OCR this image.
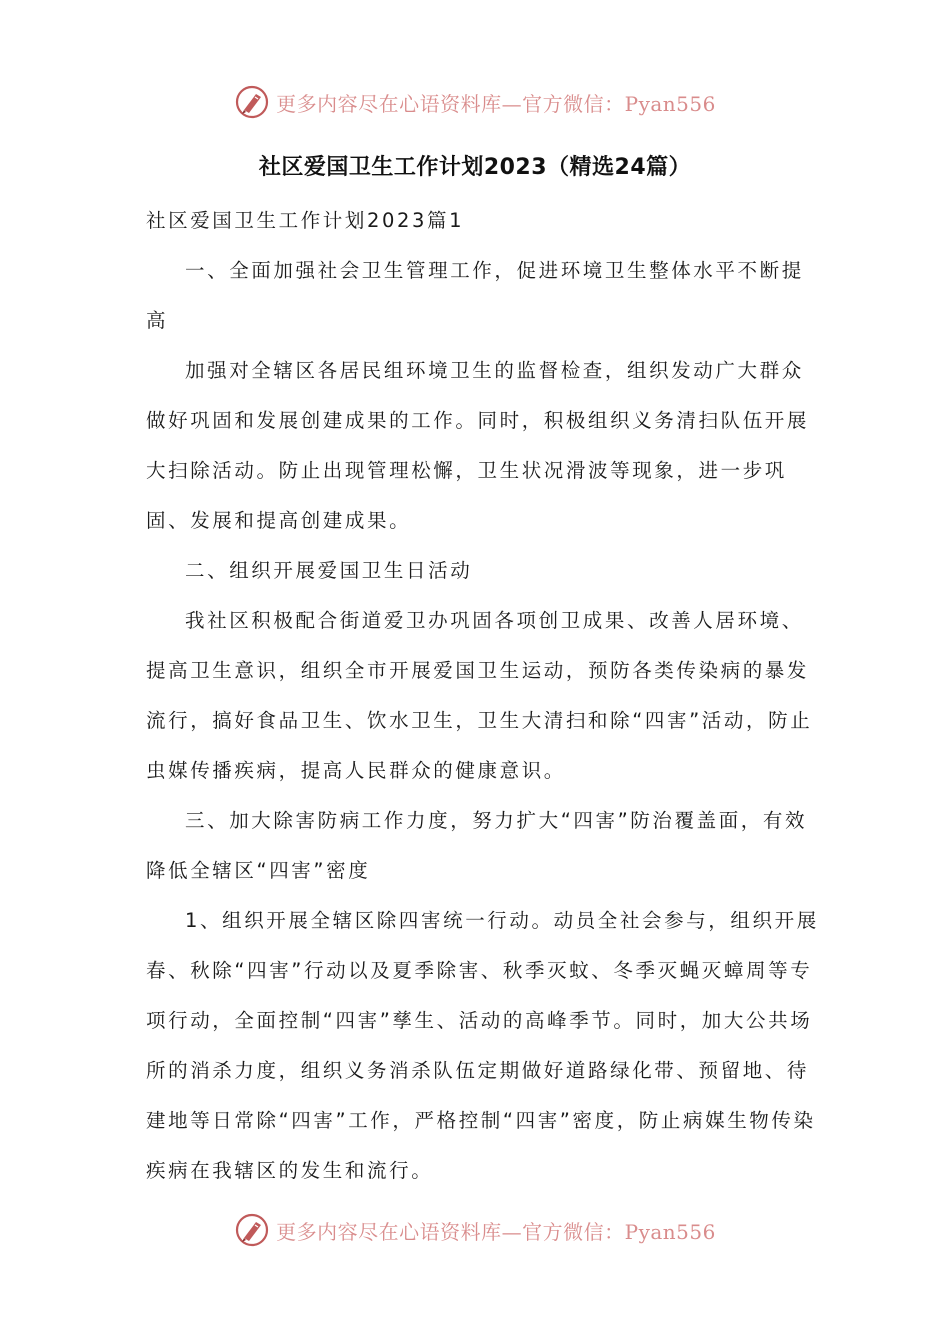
更多内容尽在心语资料库—官方微信：Pyan556
社区爱国卫生工作计划2023（精选24篇）

社区爱国卫生工作计划2023篇1

一、全面加强社会卫生管理工作，促进环境卫生整体水平不断提高

加强对全辖区各居民组环境卫生的监督检查，组织发动广大群众做好巩固和发展创建成果的工作。同时，积极组织义务清扫队伍开展大扫除活动。防止出现管理松懈，卫生状况滑波等现象，进一步巩固、发展和提高创建成果。

二、组织开展爱国卫生日活动

我社区积极配合街道爱卫办巩固各项创卫成果、改善人居环境、提高卫生意识，组织全市开展爱国卫生运动，预防各类传染病的暴发流行，搞好食品卫生、饮水卫生，卫生大清扫和除“四害”活动，防止虫媒传播疾病，提高人民群众的健康意识。

三、加大除害防病工作力度，努力扩大“四害”防治覆盖面，有效降低全辖区“四害”密度

1、组织开展全辖区除四害统一行动。动员全社会参与，组织开展春、秋除“四害”行动以及夏季除害、秋季灭蚊、冬季灭蝇灭蟑周等专项行动，全面控制“四害”孳生、活动的高峰季节。同时，加大公共场所的消杀力度，组织义务消杀队伍定期做好道路绿化带、预留地、待建地等日常除“四害”工作，严格控制“四害”密度，防止病媒生物传染疾病在我辖区的发生和流行。

更多内容尽在心语资料库—官方微信：Pyan556
